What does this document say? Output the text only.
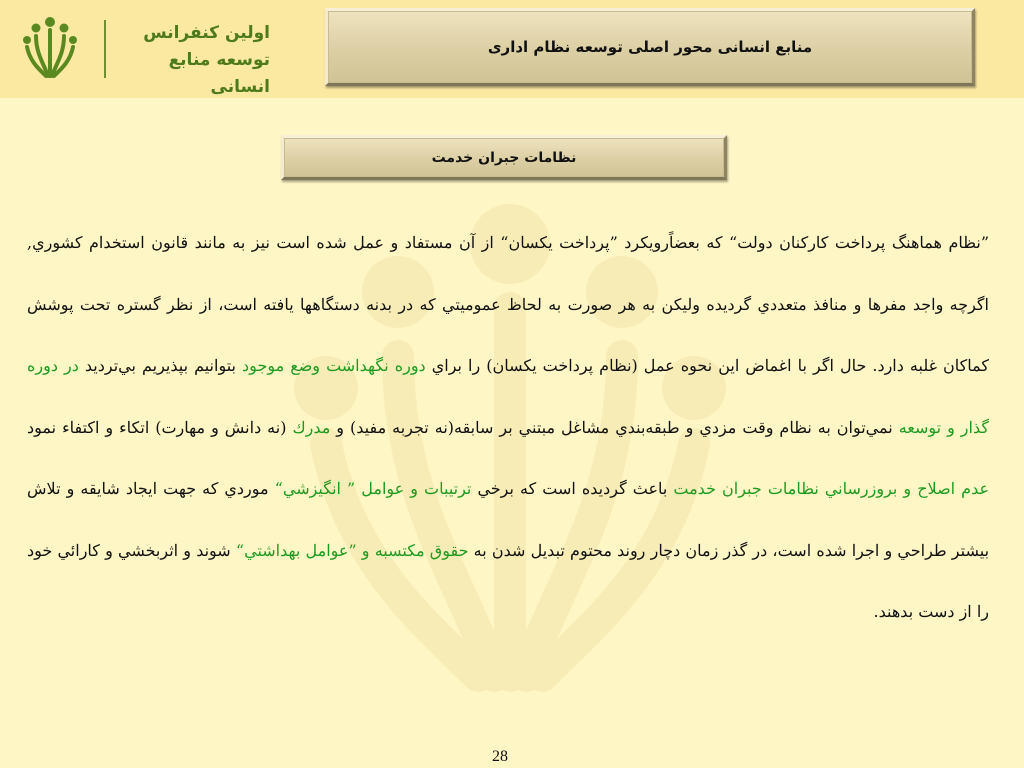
اولین کنفرانس
توسعه منابع انسانی
منابع انسانی محور اصلی توسعه نظام اداری
نظامات جبران خدمت
”نظام هماهنگ پرداخت كاركنان دولت“ كه بعضاًرويكرد ”پرداخت يكسان“ از آن مستفاد و عمل شده است نيز به مانند قانون استخدام كشوري, اگرچه واجد مفرها و منافذ متعددي گرديده وليكن به هر صورت به لحاظ عمومیتي كه در بدنه دستگاهها يافته است، از نظر گستره تحت پوشش كماكان غلبه دارد. حال اگر با اغماض اين نحوه عمل (نظام پرداخت يكسان) را براي دوره نگهداشت وضع موجود بتوانيم بپذيريم بي‌ترديد در دوره گذار و توسعه نمي‌توان به نظام وقت مزدي و طبقه‌بندي مشاغل مبتني بر سابقه(نه تجربه مفيد) و مدرك (نه دانش و مهارت) اتكاء و اكتفاء نمود عدم اصلاح و بروزرساني نظامات جبران خدمت باعث گرديده است كه برخي ترتيبات و عوامل ” انگيزشي“ موردي كه جهت ايجاد شايقه و تلاش بيشتر طراحي و اجرا شده است، در گذر زمان دچار روند محتوم تبديل شدن به حقوق مكتسبه و ”عوامل بهداشتي“ شوند و اثربخشي و كارائي خود را از دست بدهند.
28
